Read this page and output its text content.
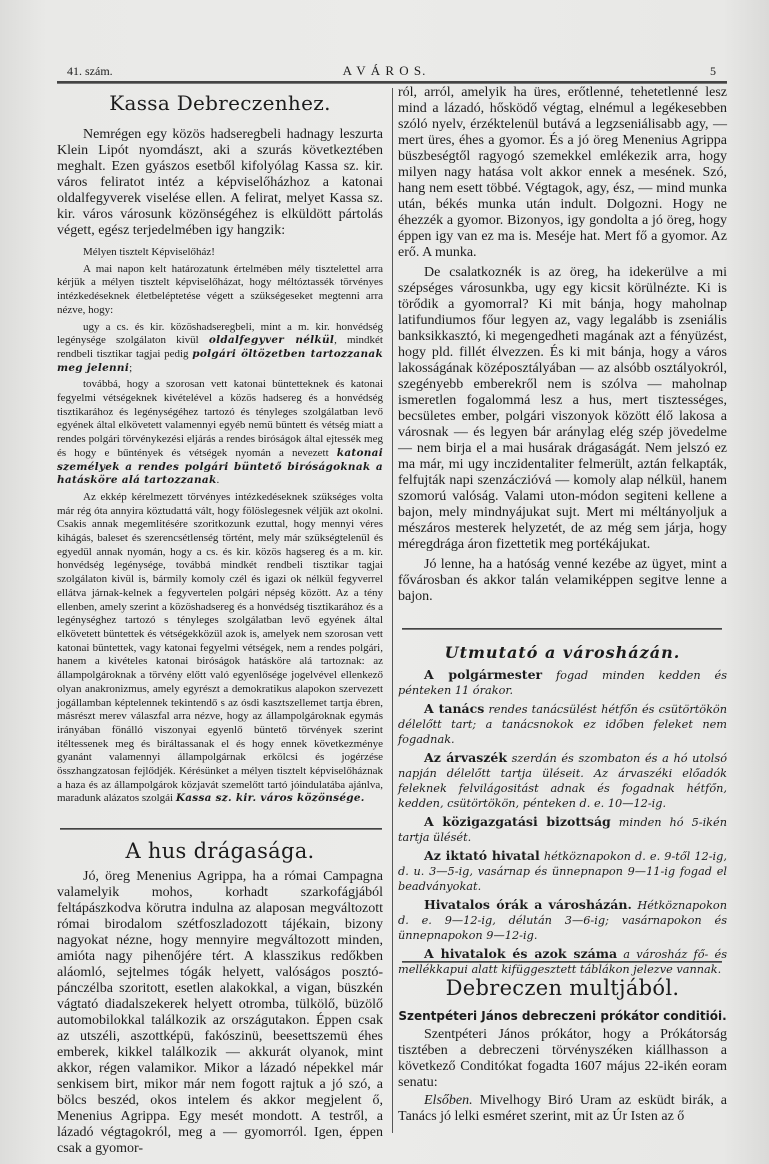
41. szám.	A V Á R O S.	5
Kassa Debreczenhez.

Nemrégen egy közös hadseregbeli hadnagy leszurta Klein Lipót nyomdászt, aki a szurás következtében meghalt. Ezen gyászos esetből kifolyólag Kassa sz. kir. város feliratot intéz a képviselőházhoz a katonai oldalfegyverek viselése ellen. A felirat, melyet Kassa sz. kir. város városunk közönségéhez is elküldött pártolás végett, egész terjedelmében igy hangzik:

Mélyen tisztelt Képviselőház!

A mai napon kelt határozatunk értelmében mély tisztelettel arra kérjük a mélyen tisztelt képviselőházat, hogy méltóztassék törvényes intézkedéseknek életbeléptetése végett a szükségeseket megtenni arra nézve, hogy:

ugy a cs. és kir. közöshadseregbeli, mint a m. kir. honvédség legénysége szolgálaton kivül oldalfegyver nélkül, mindkét rendbeli tisztikar tagjai pedig polgári öltözetben tartozzanak meg jelenni;

továbbá, hogy a szorosan vett katonai büntetteknek és katonai fegyelmi vétségeknek kivételével a közös hadsereg és a honvédség tisztikarához és legénységéhez tartozó és tényleges szolgálatban levő egyének által elkövetett valamennyi egyéb nemü büntett és vétség miatt a rendes polgári törvénykezési eljárás a rendes biróságok által ejtessék meg és hogy e bűntények és vétségek nyomán a nevezett katonai személyek a rendes polgári büntető biróságoknak a hatásköre alá tartozzanak.

Az ekkép kérelmezett törvényes intézkedéseknek szükséges volta már rég óta annyira köztudattá vált, hogy fölöslegesnek véljük azt okolni. Csakis annak megemlitésére szoritkozunk ezuttal, hogy mennyi véres kihágás, baleset és szerencsétlenség történt, mely már szükségtelenül és egyedül annak nyomán, hogy a cs. és kir. közös hagsereg és a m. kir. honvédség legénysége, továbbá mindkét rendbeli tisztikar tagjai szolgálaton kivül is, bármily komoly czél és igazi ok nélkül fegyverrel ellátva járnak-kelnek a fegyvertelen polgári népség között. Az a tény ellenben, amely szerint a közöshadsereg és a honvédség tisztikarához és a legénységhez tartozó s tényleges szolgálatban levő egyének által elkövetett büntettek és vétségekközül azok is, amelyek nem szorosan vett katonai büntettek, vagy katonai fegyelmi vétségek, nem a rendes polgári, hanem a kivételes katonai biróságok hatásköre alá tartoznak: az állampolgároknak a törvény előtt való egyenlősége jogelvével ellenkező olyan anakronizmus, amely egyrészt a demokratikus alapokon szervezett jogállamban képtelennek tekintendő s az ósdi kasztszellemet tartja ébren, másrészt merev válaszfal arra nézve, hogy az állampolgároknak egymás irányában fönálló viszonyai egyenlő büntető törvények szerint itéltessenek meg és biráltassanak el és hogy ennek következménye gyanánt valamennyi állampolgárnak erkölcsi és jogérzése összhangzatosan fejlődjék. Kérésünket a mélyen tisztelt képviselőháznak a haza és az állampolgárok közjavát szemelőtt tartó jóindulatába ajánlva, maradunk alázatos szolgái Kassa sz. kir. város közönsége.

A hus drágasága.

Jó, öreg Menenius Agrippa, ha a római Campagna valamelyik mohos, korhadt szarkofágjából feltápászkodva körutra indulna az alaposan megváltozott római birodalom szétfoszladozott tájékain, bizony nagyokat nézne, hogy mennyire megváltozott minden, amióta nagy pihenőjére tért. A klasszikus redőkben aláomló, sejtelmes tógák helyett, valóságos posztó-pánczélba szoritott, esetlen alakokkal, a vigan, büszkén vágtató diadalszekerek helyett otromba, tülkölő, büzölő automobilokkal találkozik az országutakon. Éppen csak az utszéli, aszottképü, fakószinü, beesettszemü éhes emberek, kikkel találkozik — akkurát olyanok, mint akkor, régen valamikor. Mikor a lázadó népekkel már senkisem birt, mikor már nem fogott rajtuk a jó szó, a bölcs beszéd, okos intelem és akkor megjelent ő, Menenius Agrippa. Egy mesét mondott. A testről, a lázadó végtagokról, meg a — gyomorról. Igen, éppen csak a gyomor-

ról, arról, amelyik ha üres, erőtlenné, tehetetlenné lesz mind a lázadó, hősködő végtag, elnémul a legékesebben szóló nyelv, érzéktelenül butává a legzseniálisabb agy, — mert üres, éhes a gyomor. És a jó öreg Menenius Agrippa büszbeségtől ragyogó szemekkel emlékezik arra, hogy milyen nagy hatása volt akkor ennek a mesének. Szó, hang nem esett többé. Végtagok, agy, ész, — mind munka után, békés munka után indult. Dolgozni. Hogy ne éhezzék a gyomor. Bizonyos, igy gondolta a jó öreg, hogy éppen igy van ez ma is. Meséje hat. Mert fő a gyomor. Az erő. A munka.

De csalatkoznék is az öreg, ha idekerülve a mi szépséges városunkba, ugy egy kicsit körülnézte. Ki is törődik a gyomorral? Ki mit bánja, hogy maholnap latifundiumos főur legyen az, vagy legalább is zseniális banksikkasztó, ki megengedheti magának azt a fényüzést, hogy pld. fillét élvezzen. És ki mit bánja, hogy a város lakosságának középosztályában — az alsóbb osztályokról, szegényebb emberekről nem is szólva — maholnap ismeretlen fogalommá lesz a hus, mert tisztességes, becsületes ember, polgári viszonyok között élő lakosa a városnak — és legyen bár aránylag elég szép jövedelme — nem birja el a mai husárak drágaságát. Nem jelszó ez ma már, mi ugy inczidentaliter felmerült, aztán felkapták, felfujták napi szenzáczióvá — komoly alap nélkül, hanem szomorú valóság. Valami uton-módon segiteni kellene a bajon, mely mindnyájukat sujt. Mert mi méltányoljuk a mészáros mesterek helyzetét, de az még sem járja, hogy méregdrága áron fizettetik meg portékájukat.

Jó lenne, ha a hatóság venné kezébe az ügyet, mint a fővárosban és akkor talán velamiképpen segitve lenne a bajon.

Utmutató a városházán.

A polgármester fogad minden kedden és pénteken 11 órakor.

A tanács rendes tanácsülést hétfőn és csütörtökön délelőtt tart; a tanácsnokok ez időben feleket nem fogadnak.

Az árvaszék szerdán és szombaton és a hó utolsó napján délelőtt tartja üléseit. Az árvaszéki előadók feleknek felvilágositást adnak és fogadnak hétfőn, kedden, csütörtökön, pénteken d. e. 10—12-ig.

A közigazgatási bizottság minden hó 5-ikén tartja ülését.

Az iktató hivatal hétköznapokon d. e. 9-től 12-ig, d. u. 3—5-ig, vasárnap és ünnepnapon 9—11-ig fogad el beadványokat.

Hivatalos órák a városházán. Hétköznapokon d. e. 9—12-ig, délután 3—6-ig; vasárnapokon és ünnepnapokon 9—12-ig.

A hivatalok és azok száma a városház fő- és mellékkapui alatt kifüggesztett táblákon jelezve vannak.

Debreczen multjából.
Szentpéteri János debreczeni prókátor conditiói.

Szentpéteri János prókátor, hogy a Prókátorság tisztében a debreczeni törvényszéken kiállhasson a következő Conditókat fogadta 1607 május 22-ikén eoram senatu:

Elsőben. Mivelhogy Biró Uram az esküdt birák, a Tanács jó lelki esméret szerint, mit az Úr Isten az ő
